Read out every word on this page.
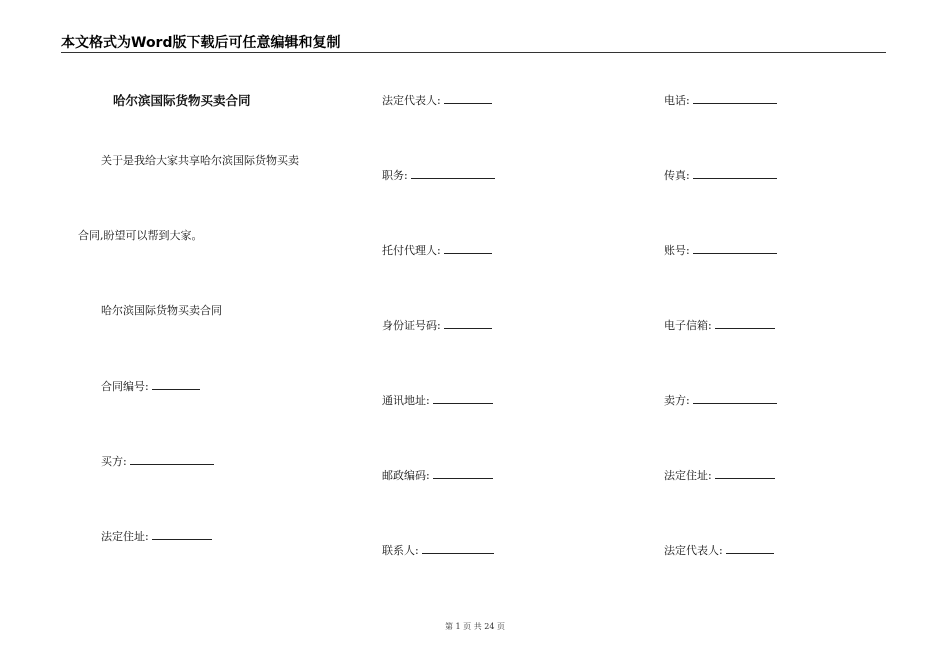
本文格式为Word版下载后可任意编辑和复制
哈尔滨国际货物买卖合同
关于是我给大家共享哈尔滨国际货物买卖
合同,盼望可以帮到大家。
哈尔滨国际货物买卖合同
合同编号:
买方:
法定住址:
法定代表人:
职务:
托付代理人:
身份证号码:
通讯地址:
邮政编码:
联系人:
电话:
传真:
账号:
电子信箱:
卖方:
法定住址:
法定代表人:
第 1 页 共 24 页
